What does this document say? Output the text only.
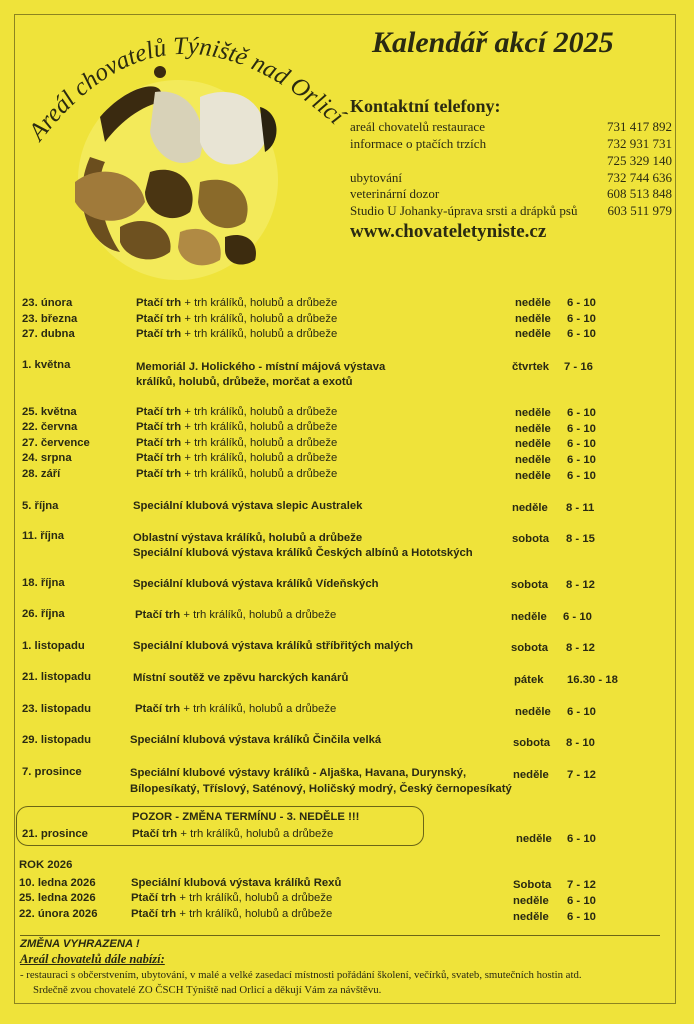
Areál chovatelů Týniště nad Orlicí
Kalendář akcí 2025
Kontaktní telefony:
areál chovatelů restaurace	731 417 892
informace o ptačích trzích	732 931 731
725 329 140
ubytování	732 744 636
veterinární dozor	608 513 848
Studio U Johanky-úprava srsti a drápků psů 603 511 979
www.chovateletyniste.cz
23. února	Ptačí trh + trh králíků, holubů a drůbeže	neděle 6 - 10
23. března	Ptačí trh + trh králíků, holubů a drůbeže	neděle 6 - 10
27. dubna	Ptačí trh + trh králíků, holubů a drůbeže	neděle 6 - 10
1. května	Memoriál J. Holického - místní májová výstava
králíků, holubů, drůbeže, morčat a exotů
čtvrtek 7 - 16
25. května	Ptačí trh + trh králíků, holubů a drůbeže	neděle 6 - 10
22. června	Ptačí trh + trh králíků, holubů a drůbeže	neděle 6 - 10
27. července	Ptačí trh + trh králíků, holubů a drůbeže	neděle 6 - 10
24. srpna	Ptačí trh + trh králíků, holubů a drůbeže	neděle 6 - 10
28. září	Ptačí trh + trh králíků, holubů a drůbeže	neděle 6 - 10
5. října	Speciální klubová výstava slepic Australek	neděle 8 - 11
11. října	Oblastní výstava králíků, holubů a drůbeže
Speciální klubová výstava králíků Českých albínů a Hototských
sobota 8 - 15
18. října	Speciální klubová výstava králíků Vídeňských	sobota 8 - 12
26. října	Ptačí trh + trh králíků, holubů a drůbeže	neděle 6 - 10
1. listopadu	Speciální klubová výstava králíků stříbřitých malých	sobota 8 - 12
21. listopadu	Místní soutěž ve zpěvu harckých kanárů	pátek 16.30 - 18
23. listopadu	Ptačí trh + trh králíků, holubů a drůbeže	neděle 6 - 10
29. listopadu	Speciální klubová výstava králíků Činčila velká	sobota 8 - 10
7. prosince	Speciální klubové výstavy králíků - Aljaška, Havana, Durynský,
Bílopesíkatý, Tříslový, Saténový, Holičský modrý, Český černopesíkatý
neděle 7 - 12
POZOR - ZMĚNA TERMÍNU - 3. NEDĚLE !!!
21. prosince	Ptačí trh + trh králíků, holubů a drůbeže	neděle 6 - 10
ROK 2026
10. ledna 2026	Speciální klubová výstava králíků Rexů	Sobota 7 - 12
25. ledna 2026	Ptačí trh + trh králíků, holubů a drůbeže	neděle 6 - 10
22. února 2026	Ptačí trh + trh králíků, holubů a drůbeže	neděle 6 - 10
ZMĚNA VYHRAZENA !
Areál chovatelů dále nabízí:
- restauraci s občerstvením, ubytování, v malé a velké zasedací místnosti pořádání školení, večírků, svateb, smutečních hostin atd.
Srdečně zvou chovatelé ZO ČSCH Týniště nad Orlicí a děkují Vám za návštěvu.
